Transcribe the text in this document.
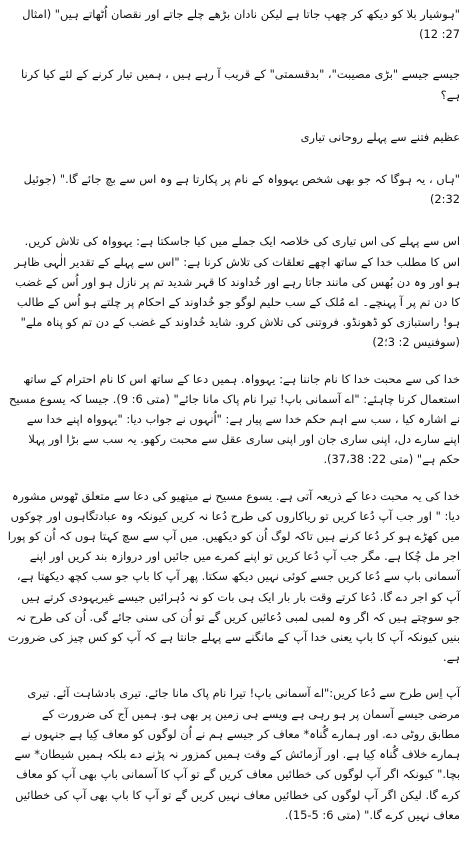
"ہوشیار بلا کو دیکھ کر چھپ جاتا ہے لیکن نادان بڑھے چلے جاتے اور نقصان اُٹھاتے ہیں" (امثال 27: 12)

جیسے جیسے "بڑی مصیبت"، "بدقسمتی" کے قریب آ رہے ہیں ، ہمیں تیار کرنے کے لئے کیا کرنا ہے؟

عظیم فتنے سے پہلے روحانی تیاری

"ہاں ، یہ ہوگا کہ جو بھی شخص یہوواہ کے نام پر پکارتا ہے وہ اس سے بچ جائے گا." (جوئیل 2:32)

اس سے پہلے کی اس تیاری کی خلاصہ ایک جملے میں کیا جاسکتا ہے: یہوواہ کی تلاش کریں. اس کا مطلب خدا کے ساتھ اچھے تعلقات کی تلاش کرنا ہے: "اس سے پہلے کے تقدیر الٰہی ظاہر ہو اور وہ دن بُھس کی مانند جاتا رہے اور خُداوند کا قہر شدید تم پر نازل ہو اور اُس کے غضب کا دن تم پر آ پہنچے۔ اے مُلک کے سب حلیم لوگو جو خُداوند کے احکام پر چلتے ہو اُس کے طالب ہو! راستبازی کو ڈھونڈو. فروتنی کی تلاش کرو. شاید خُداوند کے غضب کے دن تم کو پناہ ملے" (سوفنیس 2: 3؛2)

خدا کی سے محبت خدا کا نام جاننا ہے: یہوواہ. ہمیں دعا کے ساتھ اس کا نام احترام کے ساتھ استعمال کرنا چاہئے: "اے آسمانی باپ! تیرا نام پاک مانا جائے" (متی 6: 9). جیسا کہ یسوع مسیح نے اشارہ کیا ، سب سے اہم حکم خدا سے پیار ہے: "اُنہوں نے جواب دیا: "یہوواہ اپنے خدا سے اپنے سارے دل، اپنی ساری جان اور اپنی ساری عقل سے محبت رکھو. یہ سب سے بڑا اور پہلا حکم ہے" (متی 22: 37،38).

خدا کی یہ محبت دعا کے ذریعہ آتی ہے. یسوع مسیح نے میتھیو کی دعا سے متعلق ٹھوس مشورہ دیا: " اور جب آپ دُعا کریں تو ریاکاروں کی طرح دُعا نہ کریں کیونکہ وہ عبادتگاہوں اور چوکوں میں کھڑے ہو کر دُعا کرنے ہیں تاکہ لوگ اُن کو دیکھیں. میں آپ سے سچ کہتا ہوں کہ اُن کو پورا اجر مل چُکا ہے. مگر جب آپ دُعا کریں تو اپنے کمرے میں جائیں اور دروازہ بند کریں اور اپنے آسمانی باپ سے دُعا کریں جسے کوئی نہیں دیکھ سکتا. پھر آپ کا باپ جو سب کچھ دیکھتا ہے، آپ کو اجر دے گا. دُعا کرتے وقت بار بار ایک ہی بات کو نہ دُہرائیں جیسے غیریہودی کرتے ہیں جو سوچتے ہیں کہ اگر وہ لمبی لمبی دُعائیں کریں گے تو اُن کی سنی جائے گی. اُن کی طرح نہ بنیں کیونکہ آپ کا باپ یعنی خدا آپ کے مانگنے سے پہلے جانتا ہے کہ آپ کو کس چیز کی ضرورت ہے.

آپ اِس طرح سے دُعا کریں:"اے آسمانی باپ! تیرا نام پاک مانا جائے. تیری بادشاہت آئے. تیری مرضی جیسے آسمان پر ہو رہی ہے ویسے ہی زمین پر بھی ہو. ہمیں آج کی ضرورت کے مطابق روٹی دے. اور ہمارے گُناہ* معاف کر جیسے ہم نے اُن لوگوں کو معاف کِیا ہے جنہوں نے ہمارے خلاف گُناہ کِیا ہے. اور آزمائش کے وقت ہمیں کمزور نہ پڑنے دے بلکہ ہمیں شیطان* سے بچا." کیونکہ اگر آپ لوگوں کی خطائیں معاف کریں گے تو آپ کا آسمانی باپ بھی آپ کو معاف کرے گا. لیکن اگر آپ لوگوں کی خطائیں معاف نہیں کریں گے تو آپ کا باپ بھی آپ کی خطائیں معاف نہیں کرے گا." (متی 6: 5-15).
